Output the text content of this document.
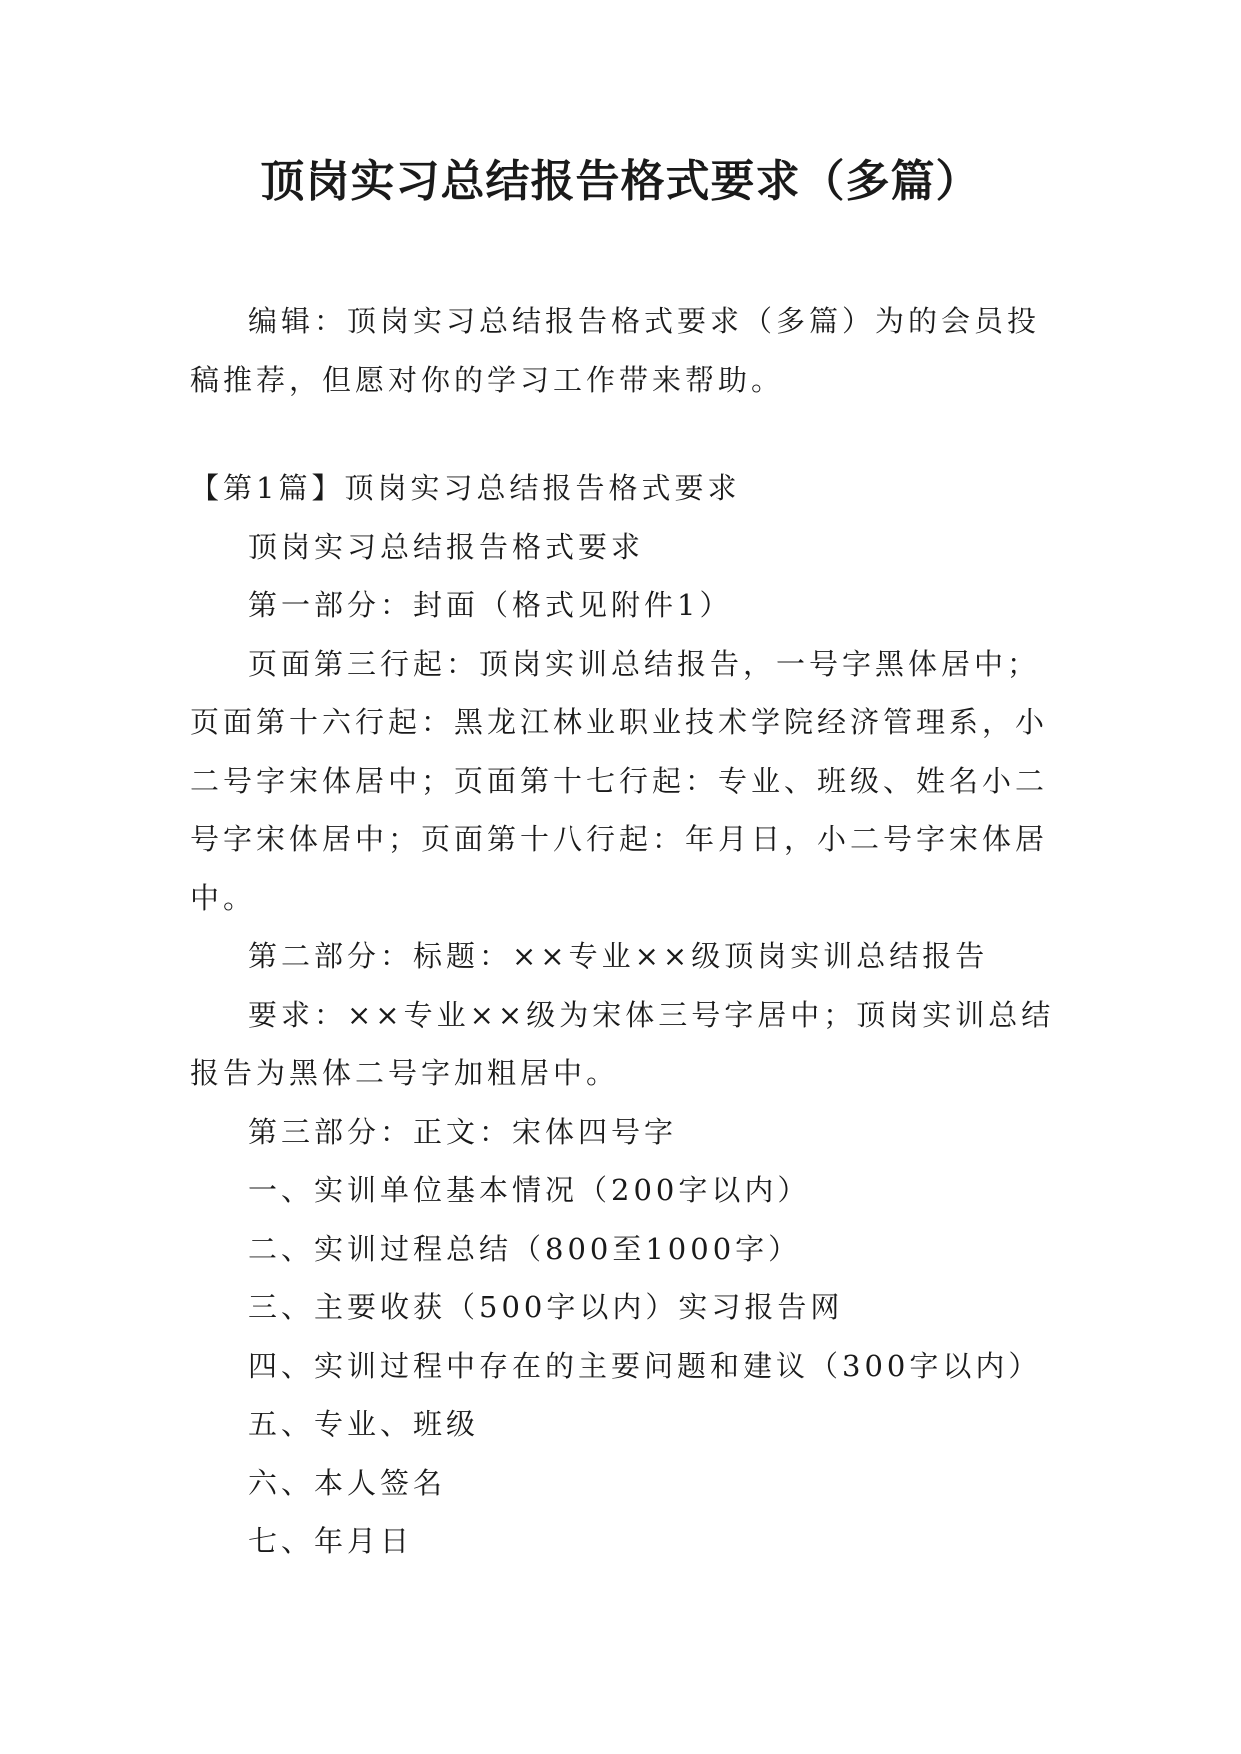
顶岗实习总结报告格式要求（多篇）

编辑：顶岗实习总结报告格式要求（多篇）为的会员投稿推荐，但愿对你的学习工作带来帮助。

【第1篇】顶岗实习总结报告格式要求

顶岗实习总结报告格式要求

第一部分：封面（格式见附件1）

页面第三行起：顶岗实训总结报告，一号字黑体居中；页面第十六行起：黑龙江林业职业技术学院经济管理系，小二号字宋体居中；页面第十七行起：专业、班级、姓名小二号字宋体居中；页面第十八行起：年月日，小二号字宋体居中。

第二部分：标题：××专业××级顶岗实训总结报告

要求：××专业××级为宋体三号字居中；顶岗实训总结报告为黑体二号字加粗居中。

第三部分：正文：宋体四号字

一、实训单位基本情况（200字以内）

二、实训过程总结（800至1000字）

三、主要收获（500字以内）实习报告网

四、实训过程中存在的主要问题和建议（300字以内）

五、专业、班级

六、本人签名

七、年月日
